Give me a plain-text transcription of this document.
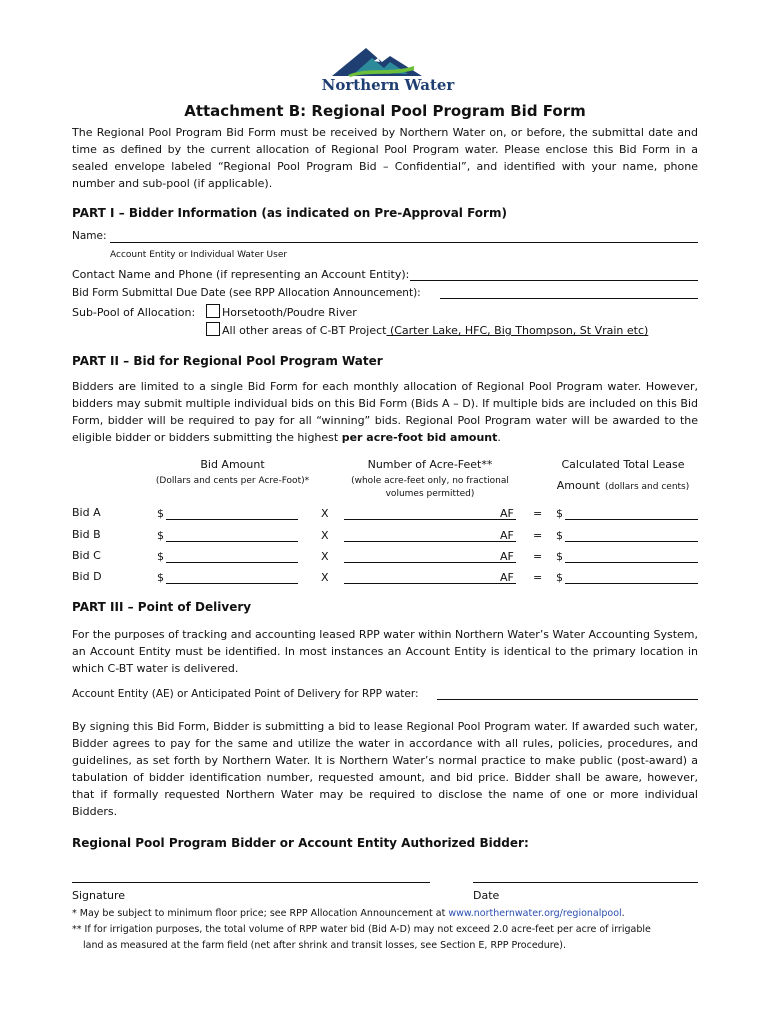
Northern Water
Attachment B: Regional Pool Program Bid Form
The Regional Pool Program Bid Form must be received by Northern Water on, or before, the submittal date and time as defined by the current allocation of Regional Pool Program water. Please enclose this Bid Form in a sealed envelope labeled “Regional Pool Program Bid – Confidential”, and identified with your name, phone number and sub-pool (if applicable).
PART I – Bidder Information (as indicated on Pre-Approval Form)
Name:
Account Entity or Individual Water User
Contact Name and Phone (if representing an Account Entity):
Bid Form Submittal Due Date (see RPP Allocation Announcement):
Sub-Pool of Allocation:	Horsetooth/Poudre River
All other areas of C-BT Project (Carter Lake, HFC, Big Thompson, St Vrain etc)
PART II – Bid for Regional Pool Program Water
Bidders are limited to a single Bid Form for each monthly allocation of Regional Pool Program water. However, bidders may submit multiple individual bids on this Bid Form (Bids A – D). If multiple bids are included on this Bid Form, bidder will be required to pay for all “winning” bids. Regional Pool Program water will be awarded to the eligible bidder or bidders submitting the highest per acre-foot bid amount.
Bid Amount
(Dollars and cents per Acre-Foot)*
Number of Acre-Feet**
(whole acre-feet only, no fractional
volumes permitted)
Calculated Total Lease
Amount (dollars and cents)
Bid A	$	X	AF = $
Bid B	$	X	AF = $
Bid C	$	X	AF = $
Bid D	$	X	AF = $
PART III – Point of Delivery
For the purposes of tracking and accounting leased RPP water within Northern Water’s Water Accounting System, an Account Entity must be identified. In most instances an Account Entity is identical to the primary location in which C-BT water is delivered.
Account Entity (AE) or Anticipated Point of Delivery for RPP water:
By signing this Bid Form, Bidder is submitting a bid to lease Regional Pool Program water. If awarded such water, Bidder agrees to pay for the same and utilize the water in accordance with all rules, policies, procedures, and guidelines, as set forth by Northern Water. It is Northern Water’s normal practice to make public (post-award) a tabulation of bidder identification number, requested amount, and bid price. Bidder shall be aware, however, that if formally requested Northern Water may be required to disclose the name of one or more individual Bidders.
Regional Pool Program Bidder or Account Entity Authorized Bidder:
Signature	Date
* May be subject to minimum floor price; see RPP Allocation Announcement at www.northernwater.org/regionalpool.
** If for irrigation purposes, the total volume of RPP water bid (Bid A-D) may not exceed 2.0 acre-feet per acre of irrigable
land as measured at the farm field (net after shrink and transit losses, see Section E, RPP Procedure).
